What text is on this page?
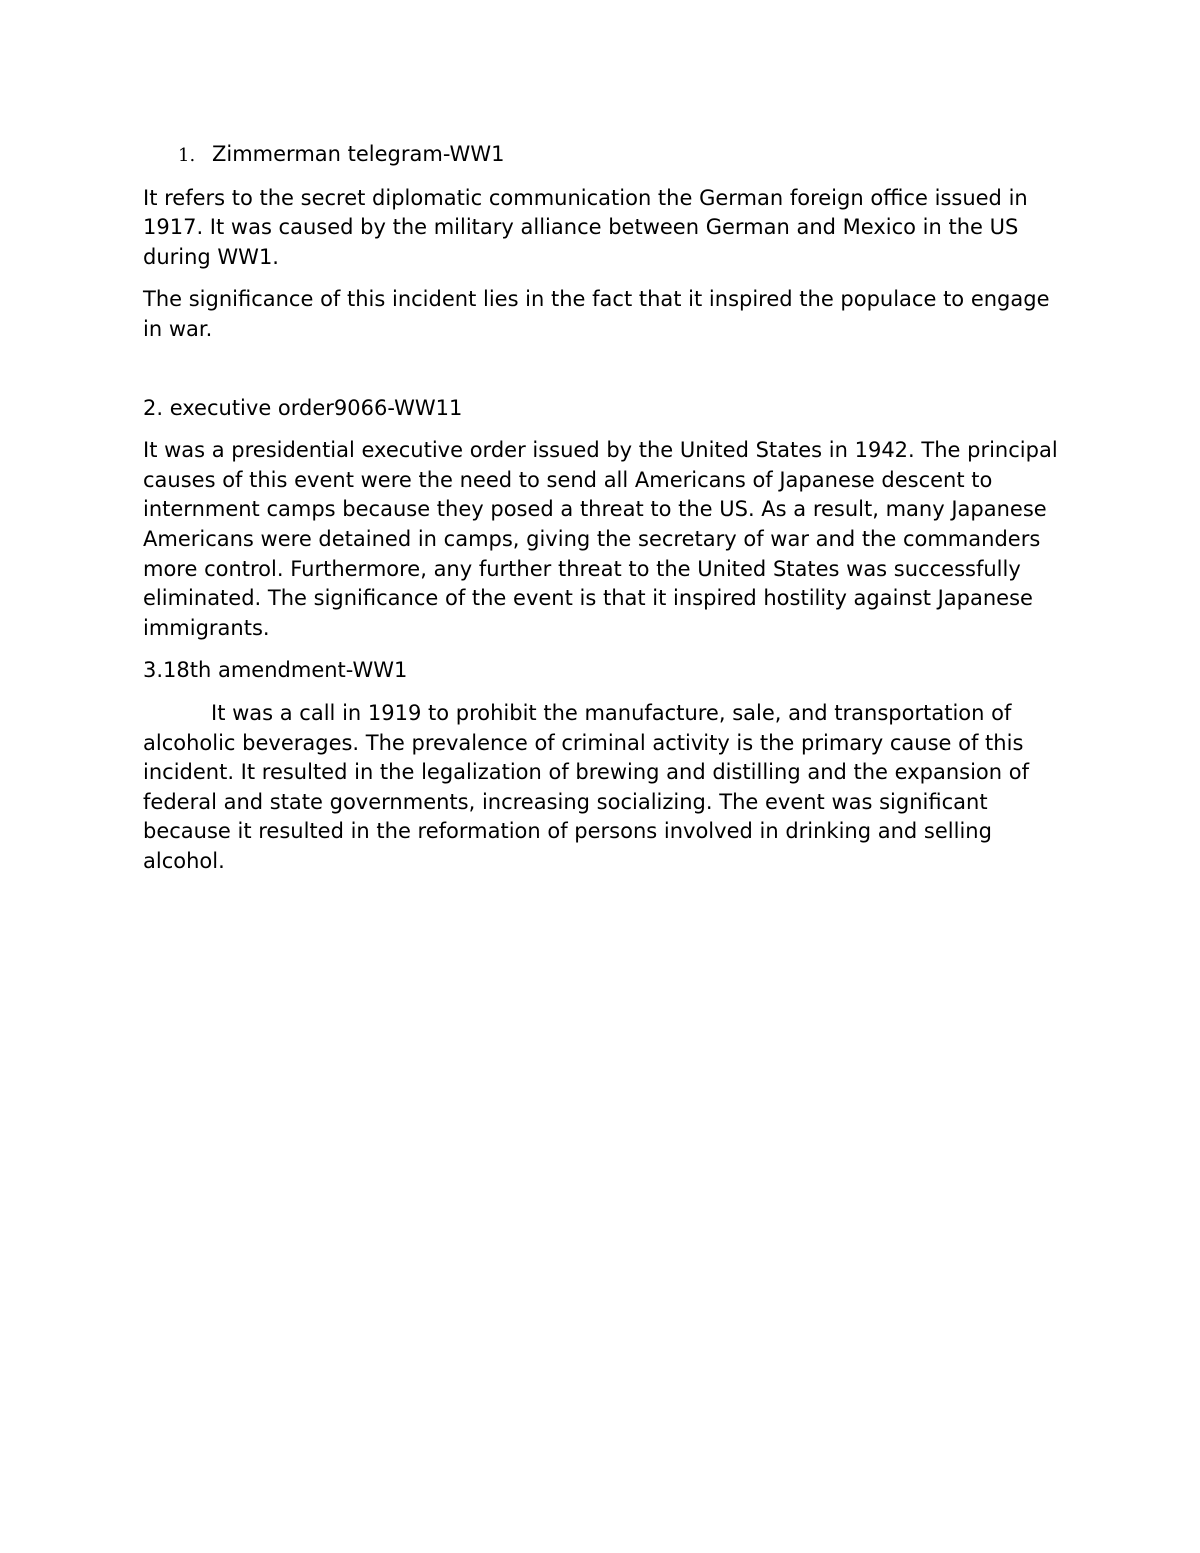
1. Zimmerman telegram-WW1

It refers to the secret diplomatic communication the German foreign office issued in 1917. It was caused by the military alliance between German and Mexico in the US during WW1.

The significance of this incident lies in the fact that it inspired the populace to engage in war.

2. executive order9066-WW11

It was a presidential executive order issued by the United States in 1942. The principal causes of this event were the need to send all Americans of Japanese descent to internment camps because they posed a threat to the US. As a result, many Japanese Americans were detained in camps, giving the secretary of war and the commanders more control. Furthermore, any further threat to the United States was successfully eliminated. The significance of the event is that it inspired hostility against Japanese immigrants.

3.18th amendment-WW1

It was a call in 1919 to prohibit the manufacture, sale, and transportation of alcoholic beverages. The prevalence of criminal activity is the primary cause of this incident. It resulted in the legalization of brewing and distilling and the expansion of federal and state governments, increasing socializing. The event was significant because it resulted in the reformation of persons involved in drinking and selling alcohol.
